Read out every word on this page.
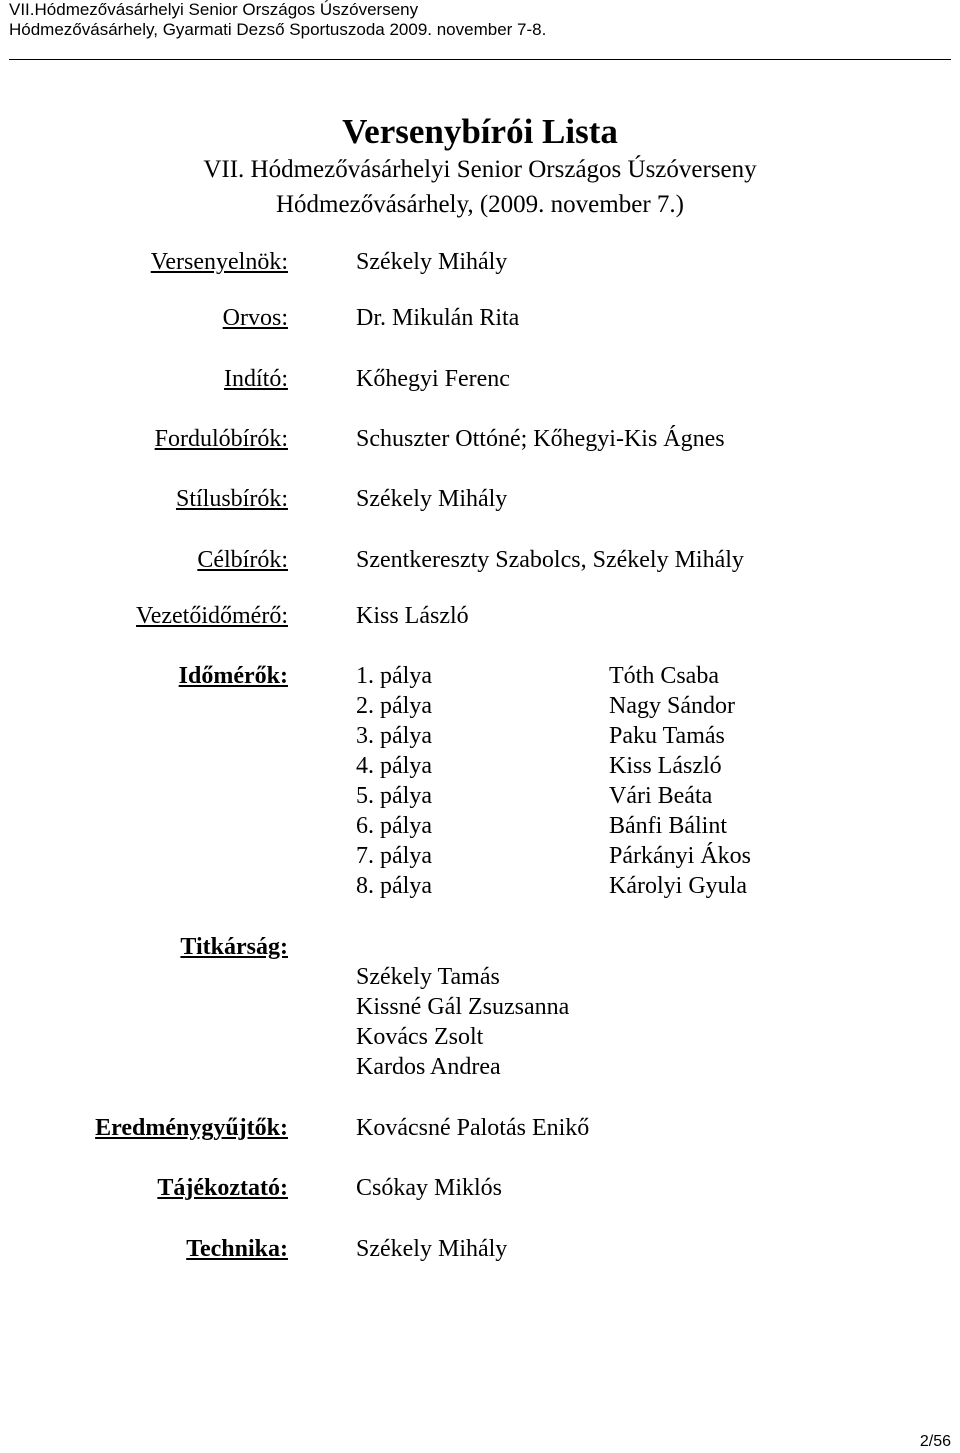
VII.Hódmezővásárhelyi Senior Országos Úszóverseny
Hódmezővásárhely, Gyarmati Dezső Sportuszoda 2009. november 7-8.
Versenybírói Lista
VII. Hódmezővásárhelyi Senior Országos Úszóverseny
Hódmezővásárhely, (2009. november 7.)
Versenyelnök:	Székely Mihály
Orvos:	Dr. Mikulán Rita
Indító:	Kőhegyi Ferenc
Fordulóbírók:	Schuszter Ottóné; Kőhegyi-Kis Ágnes
Stílusbírók:	Székely Mihály
Célbírók:	Szentkereszty Szabolcs, Székely Mihály
Vezetőidőmérő:	Kiss László
Időmérők:	1. pálya	Tóth Csaba
2. pálya	Nagy Sándor
3. pálya	Paku Tamás
4. pálya	Kiss László
5. pálya	Vári Beáta
6. pálya	Bánfi Bálint
7. pálya	Párkányi Ákos
8. pálya	Károlyi Gyula
Titkárság:
Székely Tamás
Kissné Gál Zsuzsanna
Kovács Zsolt
Kardos Andrea
Eredménygyűjtők:	Kovácsné Palotás Enikő
Tájékoztató:	Csókay Miklós
Technika:	Székely Mihály
2/56
